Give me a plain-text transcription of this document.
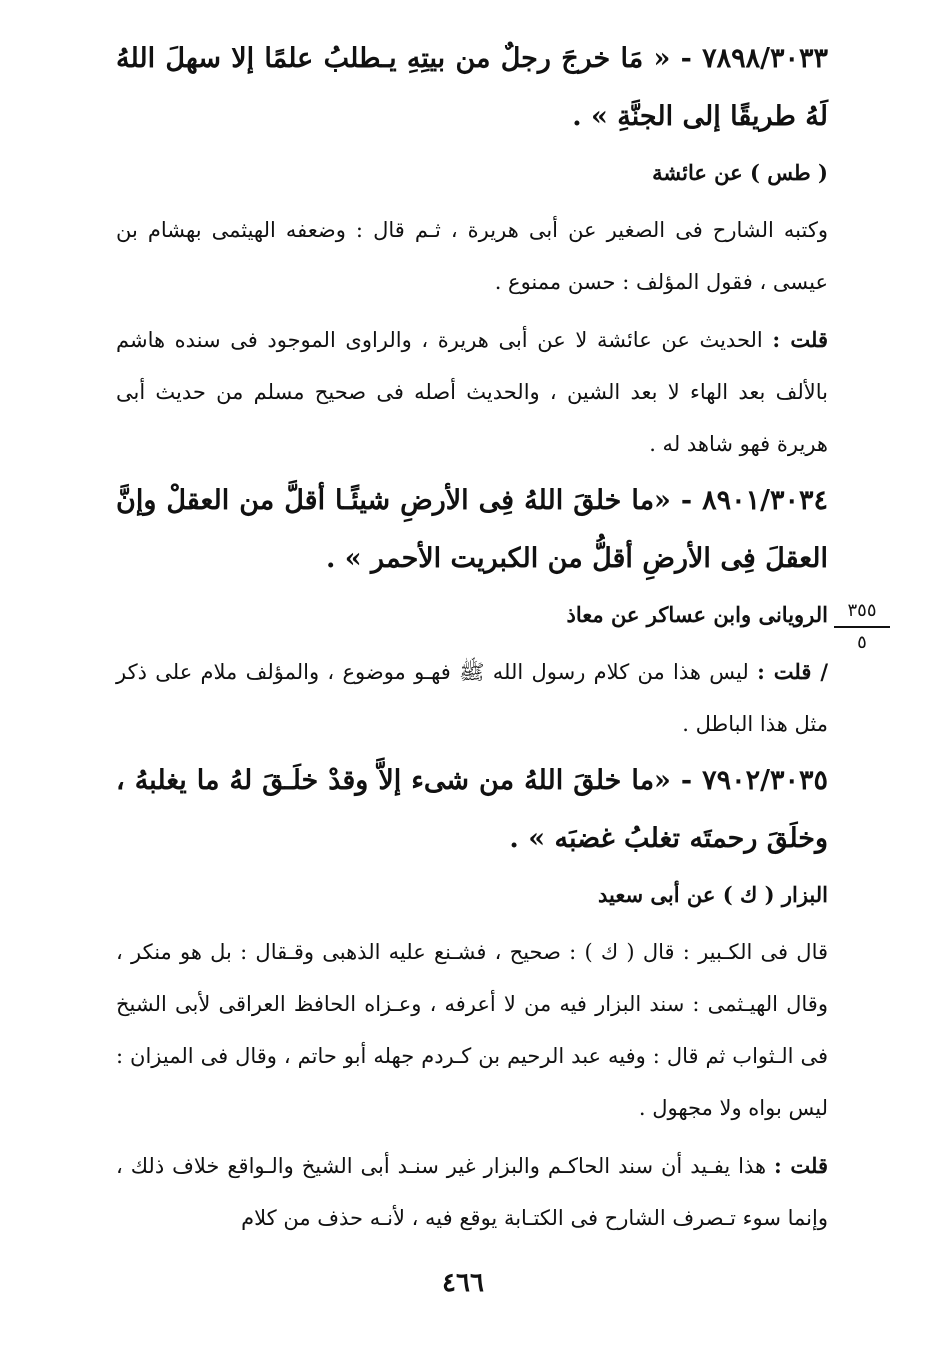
٧٨٩٨/٣٠٣٣ - « مَا خرجَ رجلٌ من بيتِهِ يـطلبُ علمًا إلا سهلَ اللهُ لَهُ طريقًا إلى الجنَّةِ » .

( طس ) عن عائشة

وكتبه الشارح فى الصغير عن أبى هريرة ، ثـم قال : وضعفه الهيثمى بهشام بن عيسى ، فقول المؤلف : حسن ممنوع .

قلت : الحديث عن عائشة لا عن أبى هريرة ، والراوى الموجود فى سنده هاشم بالألف بعد الهاء لا بعد الشين ، والحديث أصله فى صحيح مسلم من حديث أبى هريرة فهو شاهد له .

٨٩٠١/٣٠٣٤ - «ما خلقَ اللهُ فِى الأرضِ شيئًـا أقلَّ من العقلْ وإنَّ العقلَ فِى الأرضِ أقلُّ من الكبريت الأحمر » .

الرويانى وابن عساكر عن معاذ

/ قلت : ليس هذا من كلام رسول الله ﷺ فهـو موضوع ، والمؤلف ملام على ذكر مثل هذا الباطل .

٧٩٠٢/٣٠٣٥ - «ما خلقَ اللهُ من شىء إلاَّ وقدْ خلَـقَ لهُ ما يغلبهُ ، وخلَقَ رحمتَه تغلبُ غضبَه » .

البزار ( ك ) عن أبى سعيد

قال فى الكـبير : قال ( ك ) : صحيح ، فشـنع عليه الذهبى وقـقال : بل هو منكر ، وقال الهيـثمى : سند البزار فيه من لا أعرفه ، وعـزاه الحافظ العراقى لأبى الشيخ فى الـثواب ثم قال : وفيه عبد الرحيم بن كـردم جهله أبو حاتم ، وقال فى الميزان : ليس بواه ولا مجهول .

قلت : هذا يفـيد أن سند الحاكـم والبزار غير سنـد أبى الشيخ والـواقع خلاف ذلك ، وإنما سوء تـصرف الشارح فى الكتـابة يوقع فيه ، لأنـه حذف من كلام

٣٥٥
٥
٤٦٦
